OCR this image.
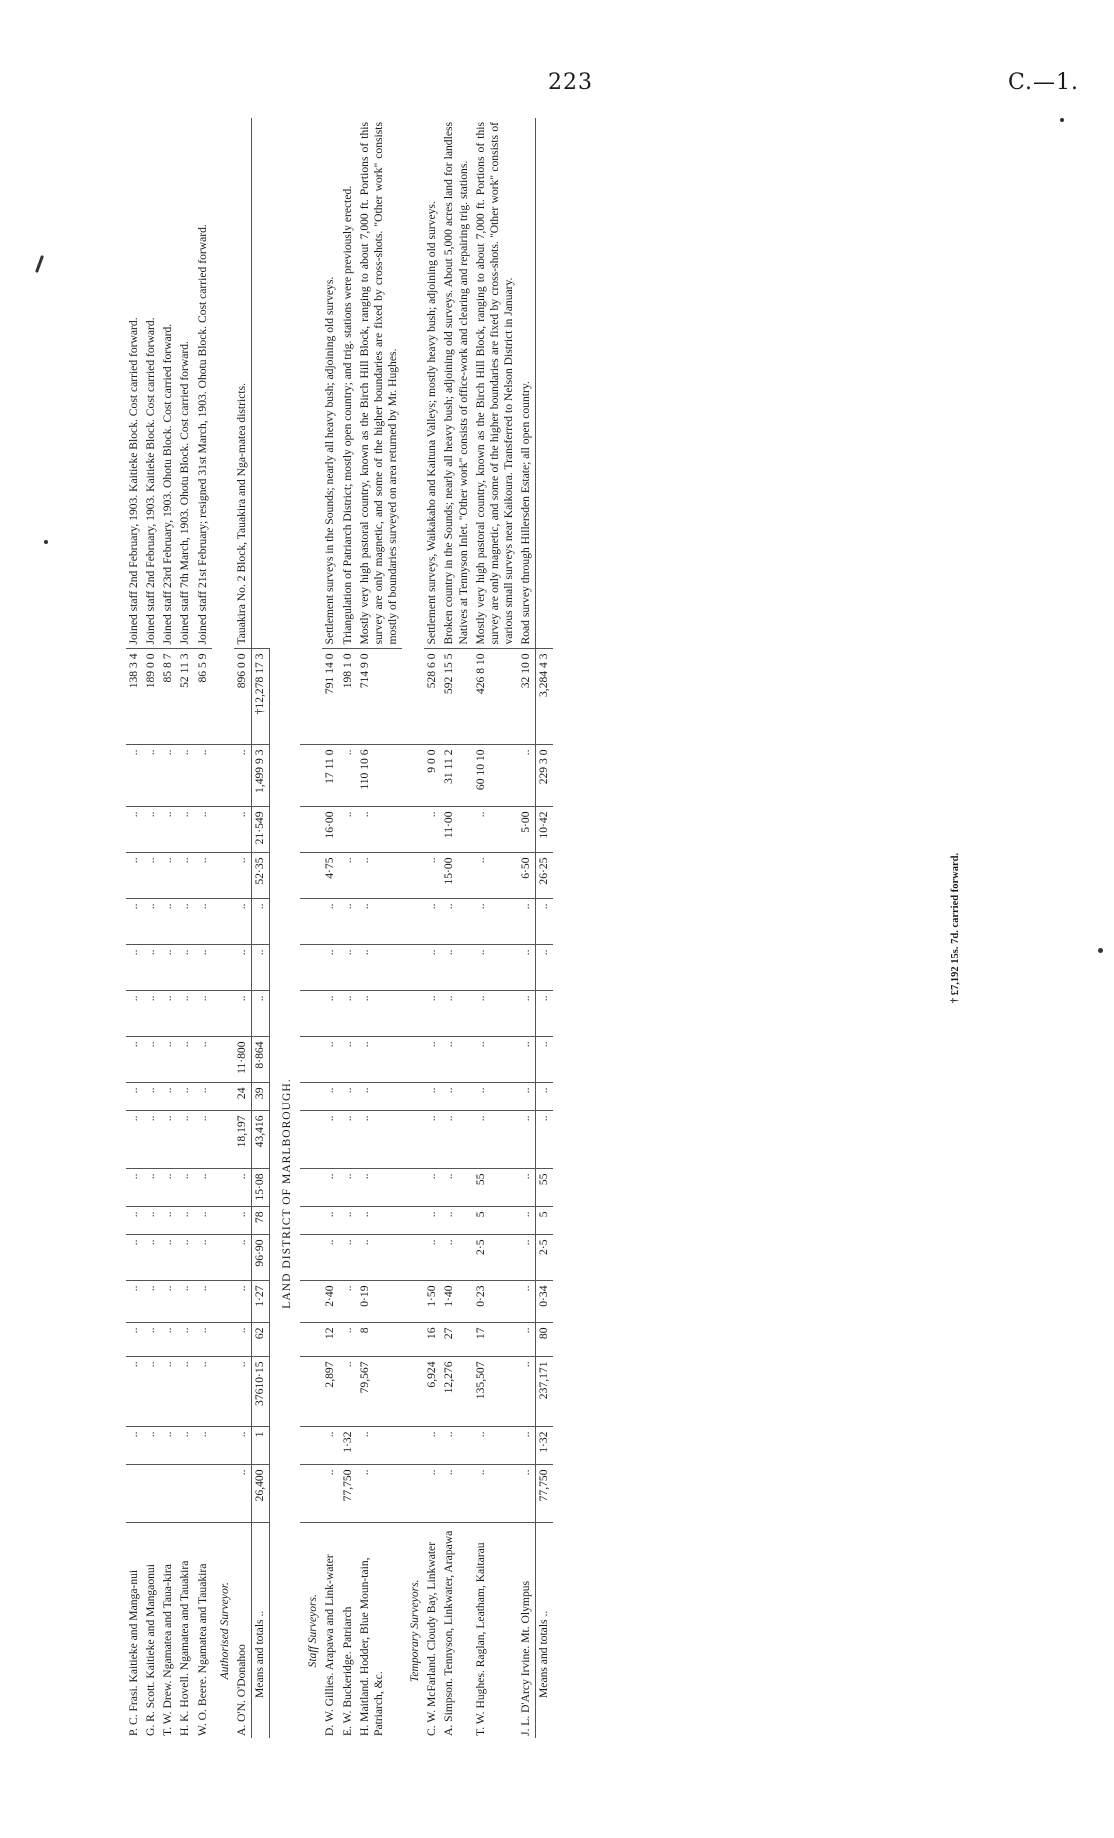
223	C.—1.
P. C. Frasi. Kaitieke and Manga-nui		..	..	..	..	..	..	..	..	..	..	..	..	..	..	..	..	138 3 4	Joined staff 2nd February, 1903. Kaitieke Block. Cost carried forward.
G. R. Scott. Kaitieke and Mangaonui		..	..	..	..	..	..	..	..	..	..	..	..	..	..	..	..	189 0 0	Joined staff 2nd February, 1903. Kaitieke Block. Cost carried forward.
T. W. Drew. Ngamatea and Taua-kira		..	..	..	..	..	..	..	..	..	..	..	..	..	..	..	..	85 8 7	Joined staff 23rd February, 1903. Ohotu Block. Cost carried forward.
H. K. Hovell. Ngamatea and Tauakira		..	..	..	..	..	..	..	..	..	..	..	..	..	..	..	..	52 11 3	Joined staff 7th March, 1903. Ohotu Block. Cost carried forward.
W. O. Beere. Ngamatea and Tauakira		..	..	..	..	..	..	..	..	..	..	..	..	..	..	..	..	86 5 9	Joined staff 21st February; resigned 31st March, 1903. Ohotu Block. Cost carried forward.
Authorised Surveyor.																			
A. O'N. O'Donahoo	..	..	..	..	..	..	..	..	18,197	24	11·800	..	..	..	..	..	..	896 0 0	Tauakira No. 2 Block, Tauakira and Nga-matea districts.
Means and totals ..	26,400	1	37610·15	62	1·27	96·90	78	15·08	43,416	39	8·864	..	..	..	52·35	21·549	1,499 9 3	†12,278 17 3	
LAND DISTRICT OF MARLBOROUGH.																			
Staff Surveyors.																			
D. W. Gillies. Arapawa and Link-water	..	..	2,897	12	2·40	..	..	..	..	..	..	..	..	..	4·75	16·00	17 11 0	791 14 0	Settlement surveys in the Sounds; nearly all heavy bush; adjoining old surveys.
E. W. Buckeridge. Patriarch	77,750	1·32	..	..	..	..	..	..	..	..	..	..	..	..	..	..	..	198 1 0	Triangulation of Patriarch District; mostly open country; and trig. stations were previously erected.
H. Maitland. Hodder, Blue Moun-tain, Patriarch, &c.	..	..	79,567	8	0·19	..	..	..	..	..	..	..	..	..	..	..	110 10 6	714 9 0	Mostly very high pastoral country, known as the Birch Hill Block, ranging to about 7,000 ft. Portions of this survey are only magnetic, and some of the higher boundaries are fixed by cross-shots. "Other work" consists mostly of boundaries surveyed on area returned by Mr. Hughes.
Temporary Surveyors.																			
C. W. McFarland. Cloudy Bay, Linkwater	..	..	6,924	16	1·50	..	..	..	..	..	..	..	..	..	..	..	9 0 0	528 6 0	Settlement surveys, Waikakaho and Kaituna Valleys; mostly heavy bush; adjoining old surveys.
A. Simpson. Tennyson, Linkwater, Arapawa	..	..	12,276	27	1·40	..	..	..	..	..	..	..	..	..	15·00	11·00	31 11 2	592 15 5	Broken country in the Sounds; nearly all heavy bush; adjoining old surveys. About 5,000 acres land for landless Natives at Tennyson Inlet. "Other work" consists of office-work and clearing and repairing trig. stations.
T. W. Hughes. Raglan, Leatham, Kaitarau	..	..	135,507	17	0·23	2·5	5	55	..	..	..	..	..	..	..	..	60 10 10	426 8 10	Mostly very high pastoral country, known as the Birch Hill Block, ranging to about 7,000 ft. Portions of this survey are only magnetic, and some of the higher boundaries are fixed by cross-shots. "Other work" consists of various small surveys near Kaikoura. Transferred to Nelson District in January.
J. L. D'Arcy Irvine. Mt. Olympus	..	..	..	..	..	..	..	..	..	..	..	..	..	..	6·50	5·00	..	32 10 0	Road survey through Hillersden Estate; all open country.
Means and totals ..	77,750	1·32	237,171	80	0·34	2·5	5	55	..	..	..	..	..	..	26·25	10·42	229 3 0	3,284 4 3	
† £7,192 15s. 7d. carried forward.
